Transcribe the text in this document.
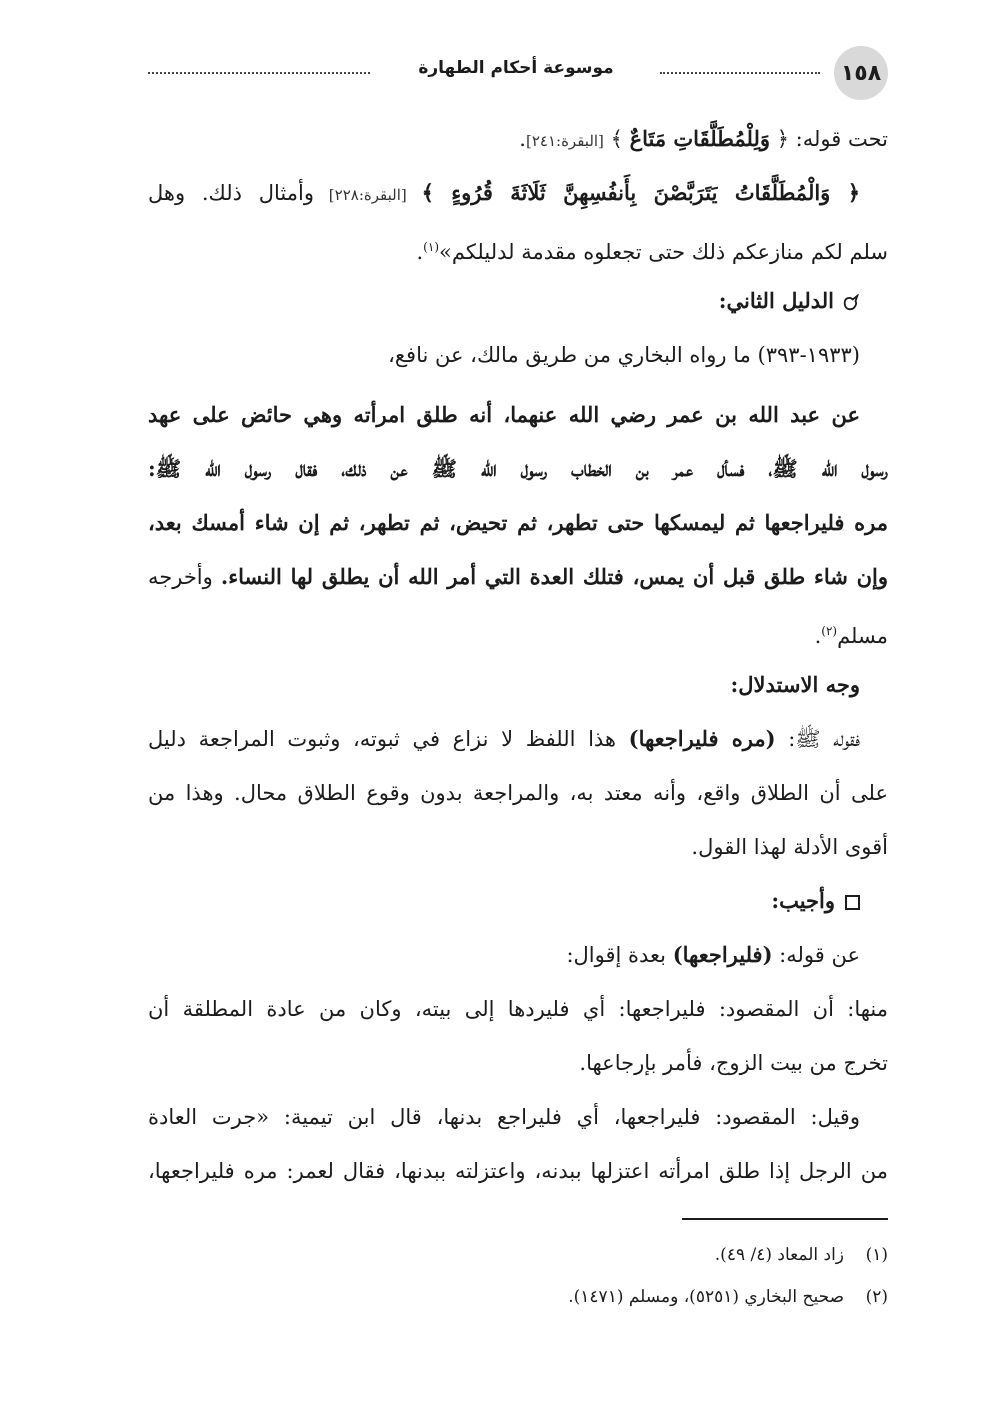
١٥٨
موسوعة أحكام الطهارة
تحت قوله: ﴿ وَلِلْمُطَلَّقَاتِ مَتَاعٌ ﴾ [البقرة:٢٤١].
﴿ وَالْمُطَلَّقَاتُ يَتَرَبَّصْنَ بِأَنفُسِهِنَّ ثَلَاثَةَ قُرُوءٍ ﴾ [البقرة:٢٢٨] وأمثال ذلك. وهل
سلم لكم منازعكم ذلك حتى تجعلوه مقدمة لدليلكم»$^{(١)}$.
الدليل الثاني:
(١٩٣٣-٣٩٣) ما رواه البخاري من طريق مالك، عن نافع،
عن عبد الله بن عمر رضي الله عنهما، أنه طلق امرأته وهي حائض على عهد
رسول الله ﷺ، فسأل عمر بن الخطاب رسول الله ﷺ عن ذلك، فقال رسول الله ﷺ:
مره فليراجعها ثم ليمسكها حتى تطهر، ثم تحيض، ثم تطهر، ثم إن شاء أمسك بعد،
وإن شاء طلق قبل أن يمس، فتلك العدة التي أمر الله أن يطلق لها النساء. وأخرجه
مسلم$^{(٢)}$.
وجه الاستدلال:
فقوله ﷺ: (مره فليراجعها) هذا اللفظ لا نزاع في ثبوته، وثبوت المراجعة دليل
على أن الطلاق واقع، وأنه معتد به، والمراجعة بدون وقوع الطلاق محال. وهذا من
أقوى الأدلة لهذا القول.
وأجيب:
عن قوله: (فليراجعها) بعدة إقوال:
منها: أن المقصود: فليراجعها: أي فليردها إلى بيته، وكان من عادة المطلقة أن
تخرج من بيت الزوج، فأمر بإرجاعها.
وقيل: المقصود: فليراجعها، أي فليراجع بدنها، قال ابن تيمية: «جرت العادة
من الرجل إذا طلق امرأته اعتزلها ببدنه، واعتزلته ببدنها، فقال لعمر: مره فليراجعها،
(١)زاد المعاد (٤/ ٤٩).
(٢)صحيح البخاري (٥٢٥١)، ومسلم (١٤٧١).
